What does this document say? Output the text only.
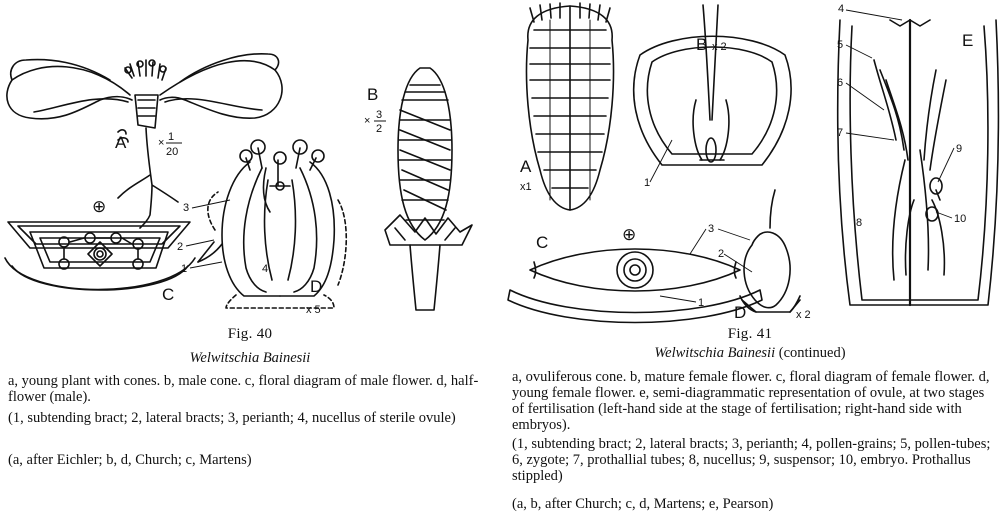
A	× 1
20
B
× 3
2
⊕
C	D
x 5
3
2
1	4
Fig. 40
Welwitschia Bainesii
a, young plant with cones. b, male cone. c, floral diagram of male flower. d, half-flower (male).
(1, subtending bract; 2, lateral bracts; 3, perianth; 4, nucellus of sterile ovule)
(a, after Eichler; b, d, Church; c, Martens)
A
x1
B x 2	E
⊕
C
D	x 2
1
1
3
2
4
5
6
7
8
9
10
Fig. 41
Welwitschia Bainesii (continued)
a, ovuliferous cone. b, mature female flower. c, floral diagram of female flower. d, young female flower. e, semi-diagrammatic representation of ovule, at two stages of fertilisation (left-hand side at the stage of fertilisation; right-hand side with embryos).
(1, subtending bract; 2, lateral bracts; 3, perianth; 4, pollen-grains; 5, pollen-tubes; 6, zygote; 7, prothallial tubes; 8, nucellus; 9, suspensor; 10, embryo. Prothallus stippled)
(a, b, after Church; c, d, Martens; e, Pearson)
